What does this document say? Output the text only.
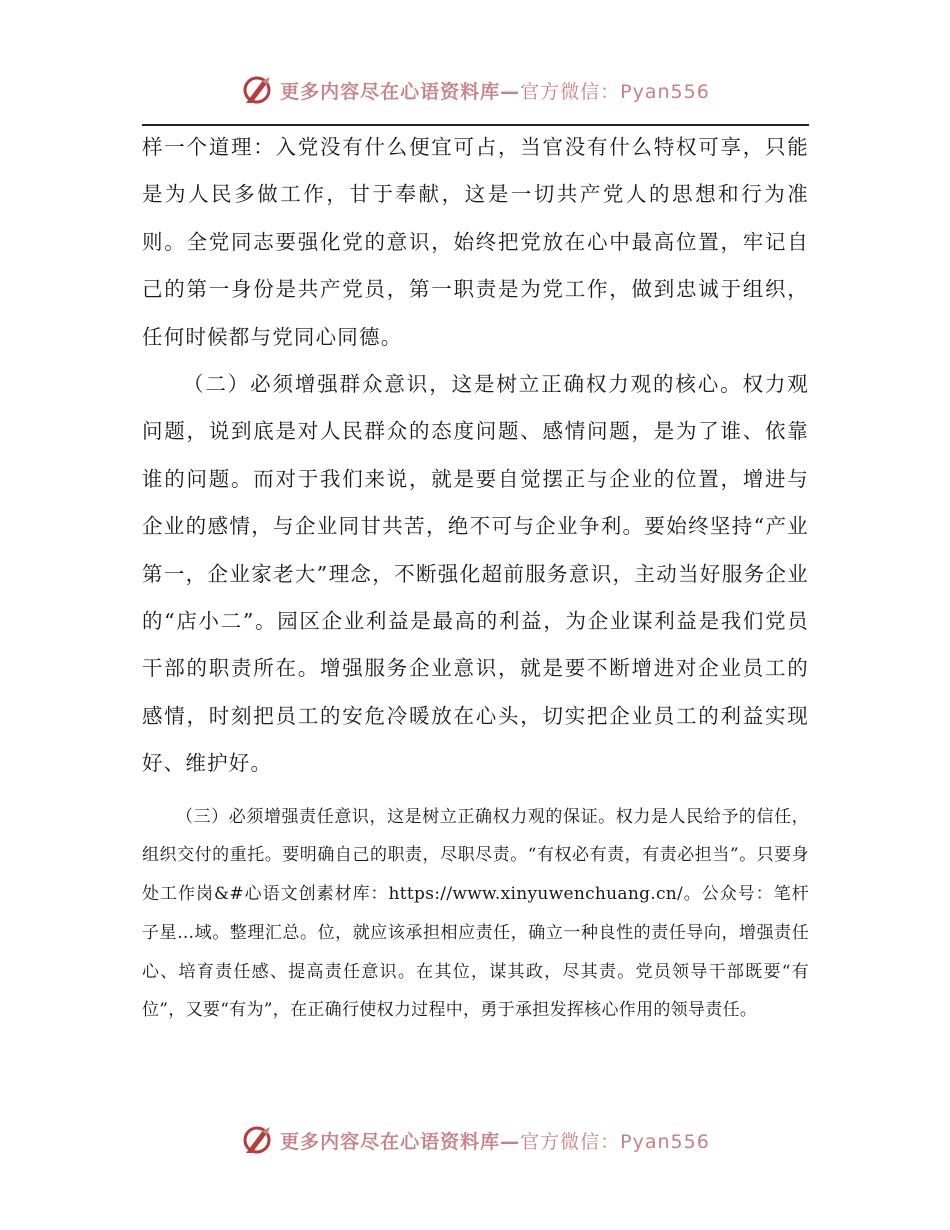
更多内容尽在心语资料库—官方微信：Pyan556

样一个道理：入党没有什么便宜可占，当官没有什么特权可享，只能是为人民多做工作，甘于奉献，这是一切共产党人的思想和行为准则。全党同志要强化党的意识，始终把党放在心中最高位置，牢记自己的第一身份是共产党员，第一职责是为党工作，做到忠诚于组织，任何时候都与党同心同德。

（二）必须增强群众意识，这是树立正确权力观的核心。权力观问题，说到底是对人民群众的态度问题、感情问题，是为了谁、依靠谁的问题。而对于我们来说，就是要自觉摆正与企业的位置，增进与企业的感情，与企业同甘共苦，绝不可与企业争利。要始终坚持“产业第一，企业家老大”理念，不断强化超前服务意识，主动当好服务企业的“店小二”。园区企业利益是最高的利益，为企业谋利益是我们党员干部的职责所在。增强服务企业意识，就是要不断增进对企业员工的感情，时刻把员工的安危冷暖放在心头，切实把企业员工的利益实现好、维护好。

（三）必须增强责任意识，这是树立正确权力观的保证。权力是人民给予的信任，组织交付的重托。要明确自己的职责，尽职尽责。“有权必有责，有责必担当”。只要身处工作岗&#心语文创素材库：https://www.xinyuwenchuang.cn/。公众号：笔杆子星…域。整理汇总。位，就应该承担相应责任，确立一种良性的责任导向，增强责任心、培育责任感、提高责任意识。在其位，谋其政，尽其责。党员领导干部既要“有位”，又要“有为”，在正确行使权力过程中，勇于承担发挥核心作用的领导责任。

更多内容尽在心语资料库—官方微信：Pyan556
